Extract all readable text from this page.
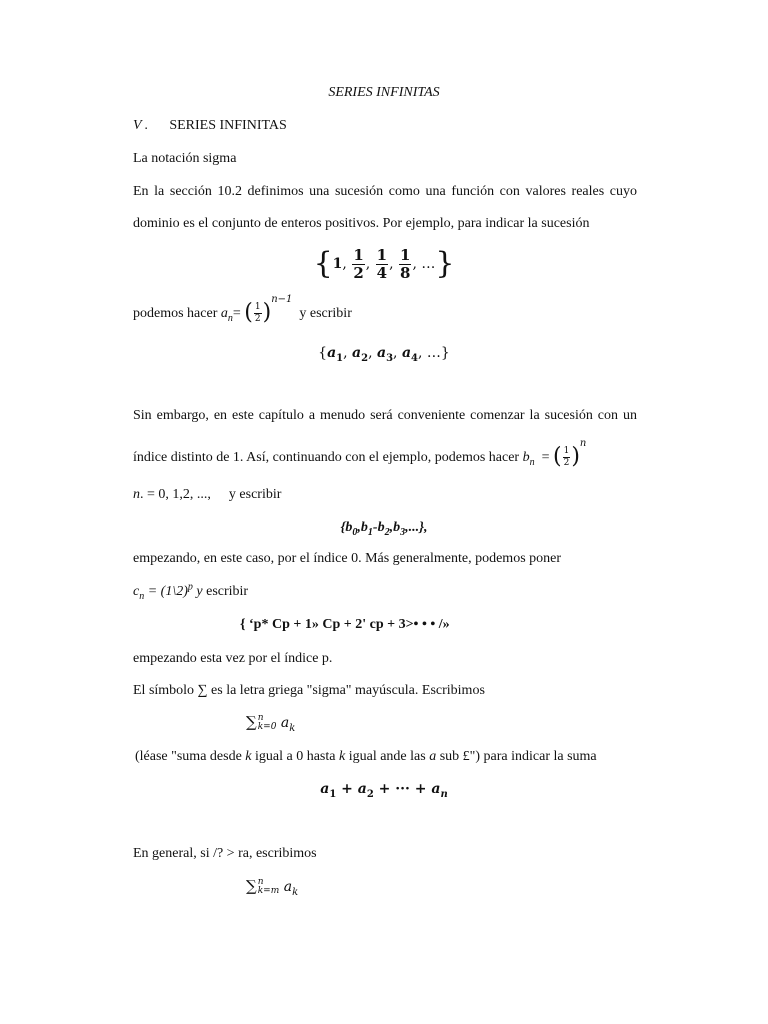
SERIES INFINITAS
V . SERIES INFINITAS
La notación sigma
En la sección 10.2 definimos una sucesión como una función con valores reales cuyo
dominio es el conjunto de enteros positivos. Por ejemplo, para indicar la sucesión
{1, $\frac{1}{2}$ , $\frac{1}{4}$ , $\frac{1}{8}$ , …}
podemos hacer $a_n=$ ( $\frac{1}{2} )^{n-1}$  y escribir
{$a_1$, $a_2$, $a_3$, $a_4$, …}
Sin embargo, en este capítulo a menudo será conveniente comenzar la sucesión con un
índice distinto de 1. Así, continuando con el ejemplo, podemos hacer $b_n$ = ( $\frac{1}{2} )^n$
n. = 0, 1,2, ..., y escribir
$\{b_0,b_1-b_2,b_3,...\}$,
empezando, en este caso, por el índice 0. Más generalmente, podemos poner
$c_n$ = (1\2)$^p$ y escribir
{ ‘p* Cp + 1» Cp + 2' cp + 3>• • • /»
empezando esta vez por el índice p.
El símbolo ∑ es la letra griega "sigma" mayúscula. Escribimos
∑ n
k=0 $a_k$
(léase "suma desde k igual a 0 hasta k igual ande las a sub £") para indicar la suma
$a_1 + a_2$ + ··· + $a_n$
En general, si /? > ra, escribimos
∑ n
k=m $a_k$
